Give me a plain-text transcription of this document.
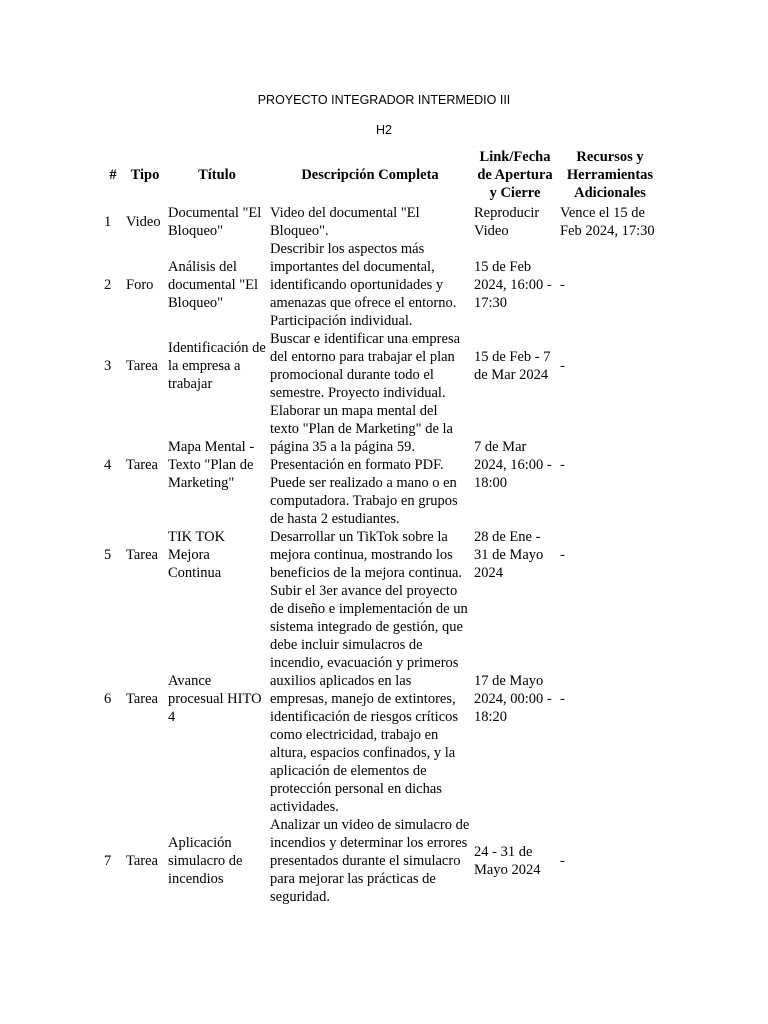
PROYECTO INTEGRADOR INTERMEDIO III
H2
#	Tipo	Título	Descripción Completa	Link/Fecha de Apertura y Cierre	Recursos y Herramientas Adicionales
1	Video	Documental "El Bloqueo"	Video del documental "El Bloqueo".	Reproducir Video	Vence el 15 de Feb 2024, 17:30
2	Foro	Análisis del documental "El Bloqueo"	Describir los aspectos más importantes del documental, identificando oportunidades y amenazas que ofrece el entorno. Participación individual.	15 de Feb 2024, 16:00 - 17:30	-
3	Tarea	Identificación de la empresa a trabajar	Buscar e identificar una empresa del entorno para trabajar el plan promocional durante todo el semestre. Proyecto individual.	15 de Feb - 7 de Mar 2024	-
4	Tarea	Mapa Mental - Texto "Plan de Marketing"	Elaborar un mapa mental del texto "Plan de Marketing" de la página 35 a la página 59. Presentación en formato PDF. Puede ser realizado a mano o en computadora. Trabajo en grupos de hasta 2 estudiantes.	7 de Mar 2024, 16:00 - 18:00	-
5	Tarea	TIK TOK Mejora Continua	Desarrollar un TikTok sobre la mejora continua, mostrando los beneficios de la mejora continua.	28 de Ene - 31 de Mayo 2024	-
6	Tarea	Avance procesual HITO 4	Subir el 3er avance del proyecto de diseño e implementación de un sistema integrado de gestión, que debe incluir simulacros de incendio, evacuación y primeros auxilios aplicados en las empresas, manejo de extintores, identificación de riesgos críticos como electricidad, trabajo en altura, espacios confinados, y la aplicación de elementos de protección personal en dichas actividades.	17 de Mayo 2024, 00:00 - 18:20	-
7	Tarea	Aplicación simulacro de incendios	Analizar un video de simulacro de incendios y determinar los errores presentados durante el simulacro para mejorar las prácticas de seguridad.	24 - 31 de Mayo 2024	-
